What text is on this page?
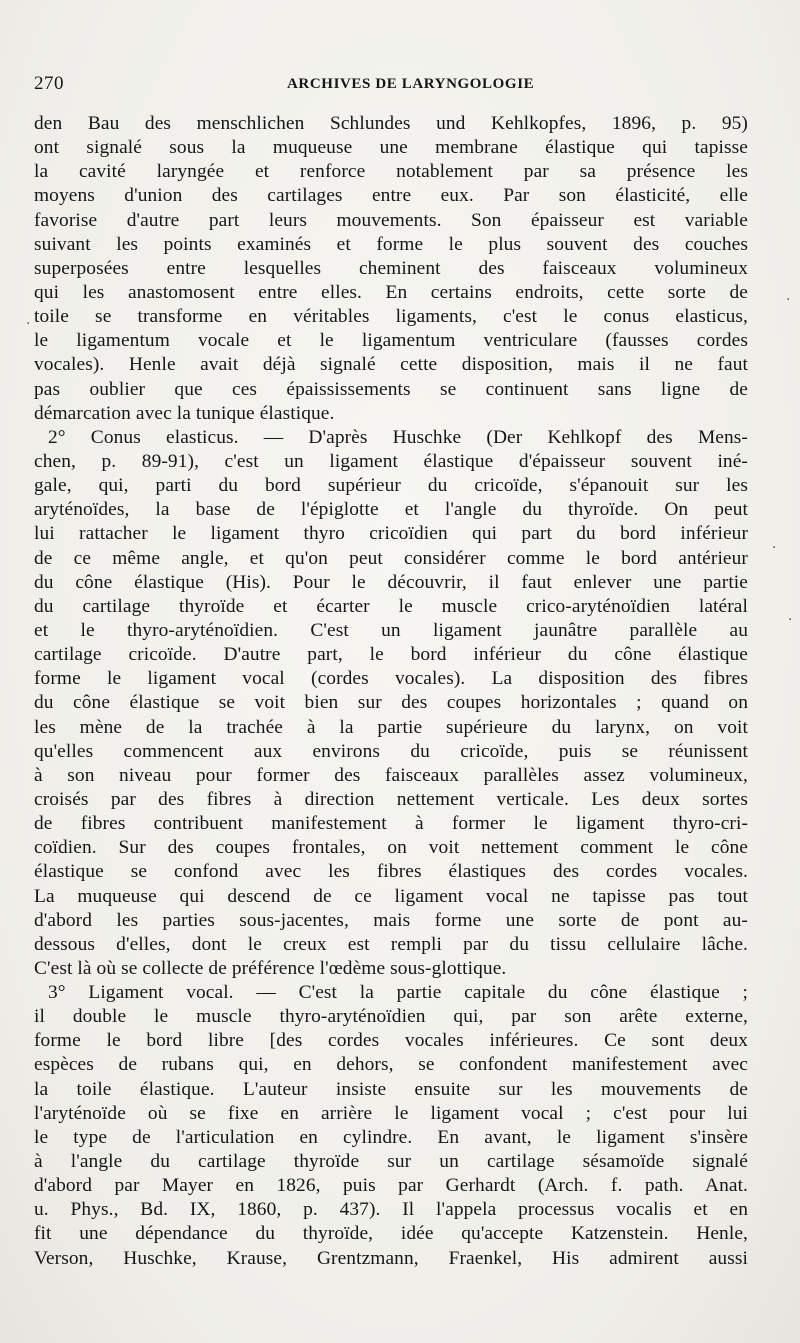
270	ARCHIVES DE LARYNGOLOGIE
den Bau des menschlichen Schlundes und Kehlkopfes, 1896, p. 95)
ont signalé sous la muqueuse une membrane élastique qui tapisse
la cavité laryngée et renforce notablement par sa présence les
moyens d'union des cartilages entre eux. Par son élasticité, elle
favorise d'autre part leurs mouvements. Son épaisseur est variable
suivant les points examinés et forme le plus souvent des couches
superposées entre lesquelles cheminent des faisceaux volumineux
qui les anastomosent entre elles. En certains endroits, cette sorte de
toile se transforme en véritables ligaments, c'est le conus elasticus,
le ligamentum vocale et le ligamentum ventriculare (fausses cordes
vocales). Henle avait déjà signalé cette disposition, mais il ne faut
pas oublier que ces épaississements se continuent sans ligne de
démarcation avec la tunique élastique.
2° Conus elasticus. — D'après Huschke (Der Kehlkopf des Mens-
chen, p. 89-91), c'est un ligament élastique d'épaisseur souvent iné-
gale, qui, parti du bord supérieur du cricoïde, s'épanouit sur les
aryténoïdes, la base de l'épiglotte et l'angle du thyroïde. On peut
lui rattacher le ligament thyro cricoïdien qui part du bord inférieur
de ce même angle, et qu'on peut considérer comme le bord antérieur
du cône élastique (His). Pour le découvrir, il faut enlever une partie
du cartilage thyroïde et écarter le muscle crico-aryténoïdien latéral
et le thyro-aryténoïdien. C'est un ligament jaunâtre parallèle au
cartilage cricoïde. D'autre part, le bord inférieur du cône élastique
forme le ligament vocal (cordes vocales). La disposition des fibres
du cône élastique se voit bien sur des coupes horizontales ; quand on
les mène de la trachée à la partie supérieure du larynx, on voit
qu'elles commencent aux environs du cricoïde, puis se réunissent
à son niveau pour former des faisceaux parallèles assez volumineux,
croisés par des fibres à direction nettement verticale. Les deux sortes
de fibres contribuent manifestement à former le ligament thyro-cri-
coïdien. Sur des coupes frontales, on voit nettement comment le cône
élastique se confond avec les fibres élastiques des cordes vocales.
La muqueuse qui descend de ce ligament vocal ne tapisse pas tout
d'abord les parties sous-jacentes, mais forme une sorte de pont au-
dessous d'elles, dont le creux est rempli par du tissu cellulaire lâche.
C'est là où se collecte de préférence l'œdème sous-glottique.
3° Ligament vocal. — C'est la partie capitale du cône élastique ;
il double le muscle thyro-aryténoïdien qui, par son arête externe,
forme le bord libre [des cordes vocales inférieures. Ce sont deux
espèces de rubans qui, en dehors, se confondent manifestement avec
la toile élastique. L'auteur insiste ensuite sur les mouvements de
l'aryténoïde où se fixe en arrière le ligament vocal ; c'est pour lui
le type de l'articulation en cylindre. En avant, le ligament s'insère
à l'angle du cartilage thyroïde sur un cartilage sésamoïde signalé
d'abord par Mayer en 1826, puis par Gerhardt (Arch. f. path. Anat.
u. Phys., Bd. IX, 1860, p. 437). Il l'appela processus vocalis et en
fit une dépendance du thyroïde, idée qu'accepte Katzenstein. Henle,
Verson, Huschke, Krause, Grentzmann, Fraenkel, His admirent aussi
·
·
·
·
